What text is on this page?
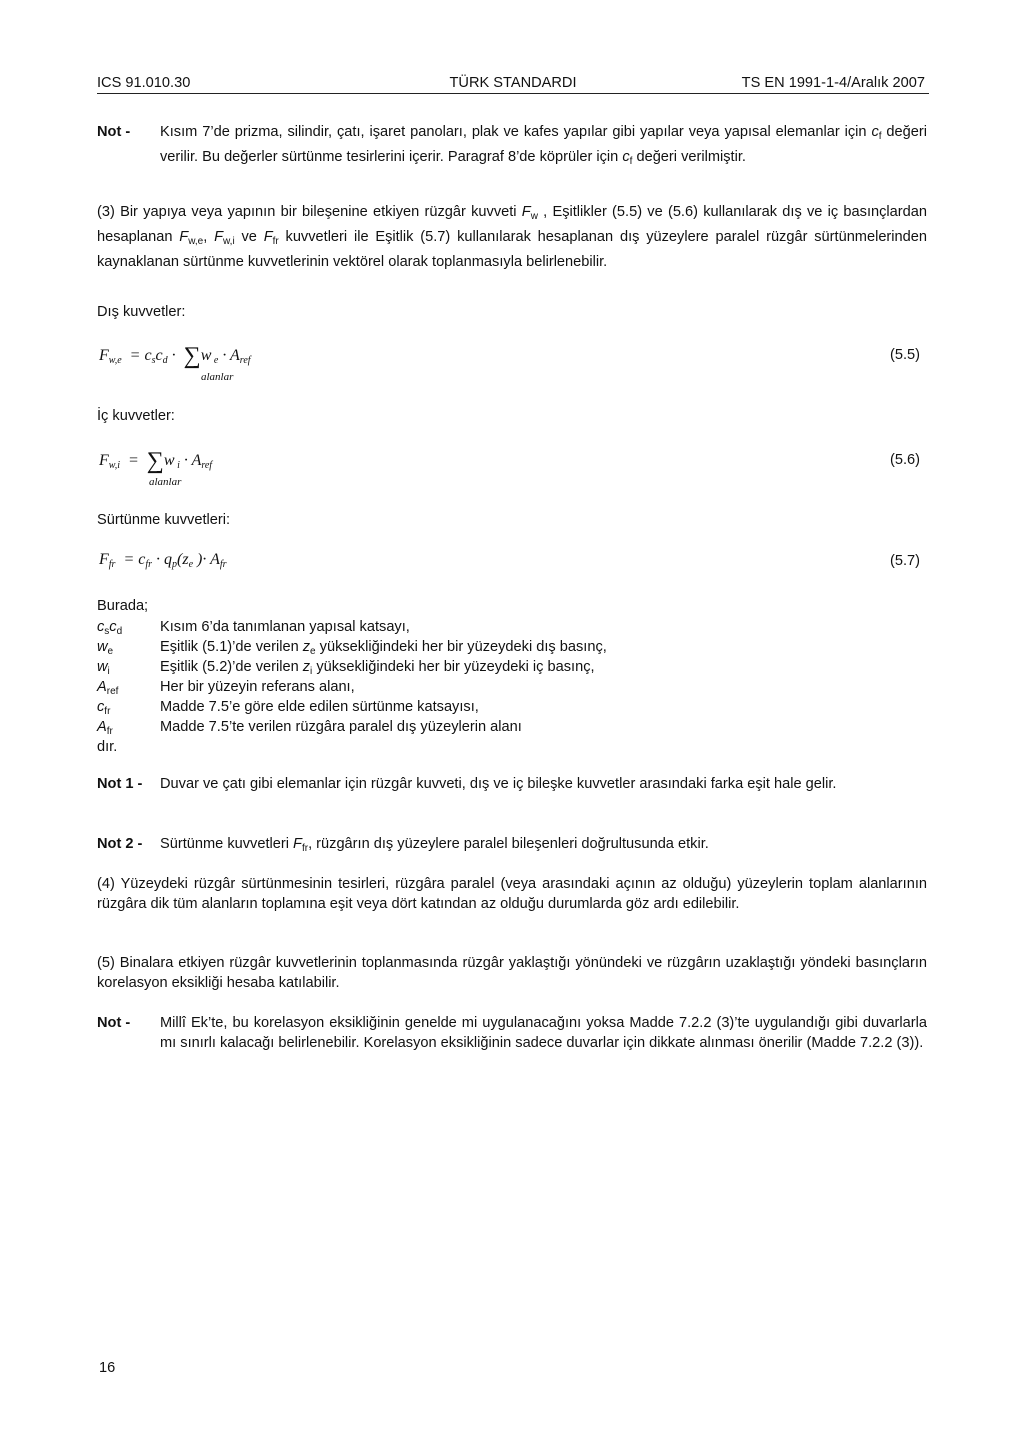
ICS 91.010.30	TÜRK STANDARDI	TS EN 1991-1-4/Aralık 2007
Not - Kısım 7’de prizma, silindir, çatı, işaret panoları, plak ve kafes yapılar gibi yapılar veya yapısal elemanlar için $c_f$ değeri verilir. Bu değerler sürtünme tesirlerini içerir. Paragraf 8’de köprüler için $c_f$ değeri verilmiştir.
(3) Bir yapıya veya yapının bir bileşenine etkiyen rüzgâr kuvveti $F_w$ , Eşitlikler (5.5) ve (5.6) kullanılarak dış ve iç basınçlardan hesaplanan $F_{w,e}$, $F_{w,i}$ ve $F_{fr}$ kuvvetleri ile Eşitlik (5.7) kullanılarak hesaplanan dış yüzeylere paralel rüzgâr sürtünmelerinden kaynaklanan sürtünme kuvvetlerinin vektörel olarak toplanmasıyla belirlenebilir.
Dış kuvvetler:
Fw,e  = cscd ·  ∑w e · Aref
alanlar
(5.5)
İç kuvvetler:
Fw,i  =  ∑w i · Aref
alanlar
(5.6)
Sürtünme kuvvetleri:
Ffr  = cfr · qp(ze )· Afr	(5.7)
Burada;
$c_sc_d$	Kısım 6’da tanımlanan yapısal katsayı,
$w_e$	Eşitlik (5.1)’de verilen $z_e$ yüksekliğindeki her bir yüzeydeki dış basınç,
$w_i$	Eşitlik (5.2)’de verilen $z_i$ yüksekliğindeki her bir yüzeydeki iç basınç,
$A_{ref}$	Her bir yüzeyin referans alanı,
$c_{fr}$	Madde 7.5’e göre elde edilen sürtünme katsayısı,
$A_{fr}$	Madde 7.5’te verilen rüzgâra paralel dış yüzeylerin alanı
dır.
Not 1 - Duvar ve çatı gibi elemanlar için rüzgâr kuvveti, dış ve iç bileşke kuvvetler arasındaki farka eşit hale gelir.
Not 2 - Sürtünme kuvvetleri $F_{fr}$, rüzgârın dış yüzeylere paralel bileşenleri doğrultusunda etkir.
(4) Yüzeydeki rüzgâr sürtünmesinin tesirleri, rüzgâra paralel (veya arasındaki açının az olduğu) yüzeylerin toplam alanlarının rüzgâra dik tüm alanların toplamına eşit veya dört katından az olduğu durumlarda göz ardı edilebilir.
(5) Binalara etkiyen rüzgâr kuvvetlerinin toplanmasında rüzgâr yaklaştığı yönündeki ve rüzgârın uzaklaştığı yöndeki basınçların korelasyon eksikliği hesaba katılabilir.
Not - Millî Ek’te, bu korelasyon eksikliğinin genelde mi uygulanacağını yoksa Madde 7.2.2 (3)’te uygulandığı gibi duvarlarla mı sınırlı kalacağı belirlenebilir. Korelasyon eksikliğinin sadece duvarlar için dikkate alınması önerilir (Madde 7.2.2 (3)).
16
